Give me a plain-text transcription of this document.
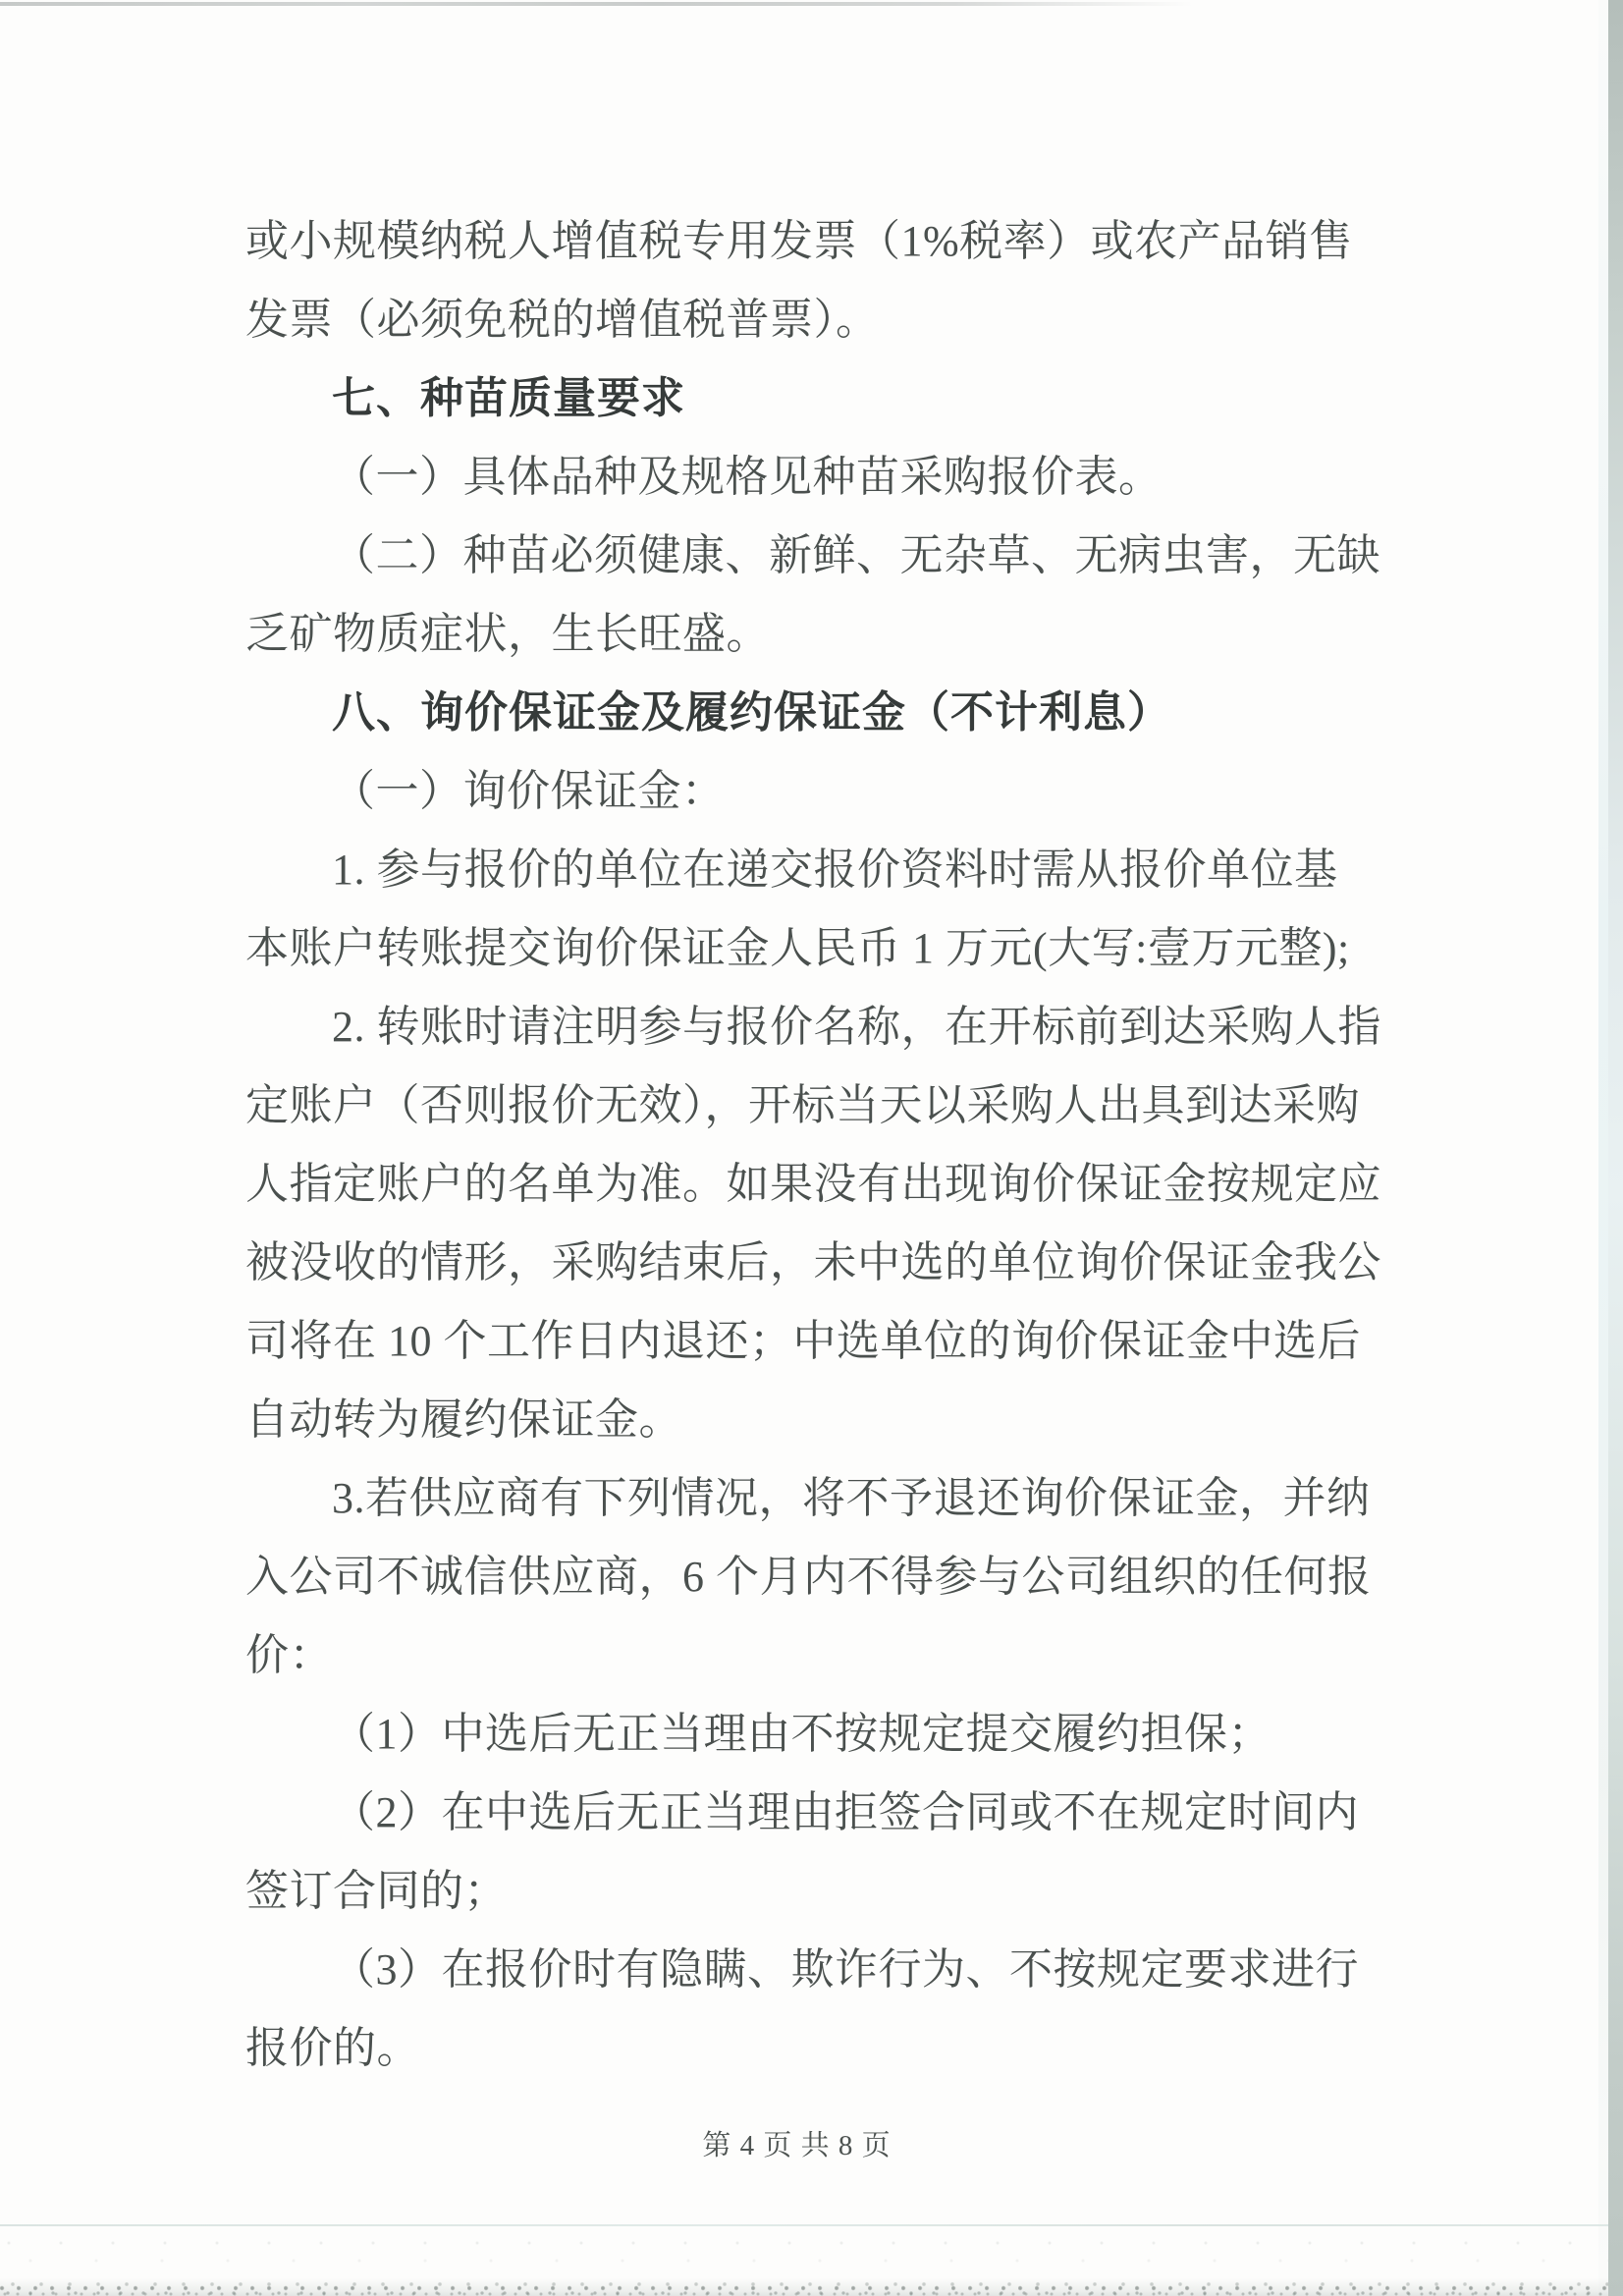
或小规模纳税人增值税专用发票（1%税率）或农产品销售
发票（必须免税的增值税普票）。
七、种苗质量要求
（一）具体品种及规格见种苗采购报价表。
（二）种苗必须健康、新鲜、无杂草、无病虫害，无缺
乏矿物质症状，生长旺盛。
八、询价保证金及履约保证金（不计利息）
（一）询价保证金：
1. 参与报价的单位在递交报价资料时需从报价单位基
本账户转账提交询价保证金人民币 1 万元(大写:壹万元整);
2. 转账时请注明参与报价名称，在开标前到达采购人指
定账户（否则报价无效），开标当天以采购人出具到达采购
人指定账户的名单为准。如果没有出现询价保证金按规定应
被没收的情形，采购结束后，未中选的单位询价保证金我公
司将在 10 个工作日内退还；中选单位的询价保证金中选后
自动转为履约保证金。
3.若供应商有下列情况，将不予退还询价保证金，并纳
入公司不诚信供应商，6 个月内不得参与公司组织的任何报
价：
（1）中选后无正当理由不按规定提交履约担保；
（2）在中选后无正当理由拒签合同或不在规定时间内
签订合同的；
（3）在报价时有隐瞒、欺诈行为、不按规定要求进行
报价的。
第 4 页 共 8 页
